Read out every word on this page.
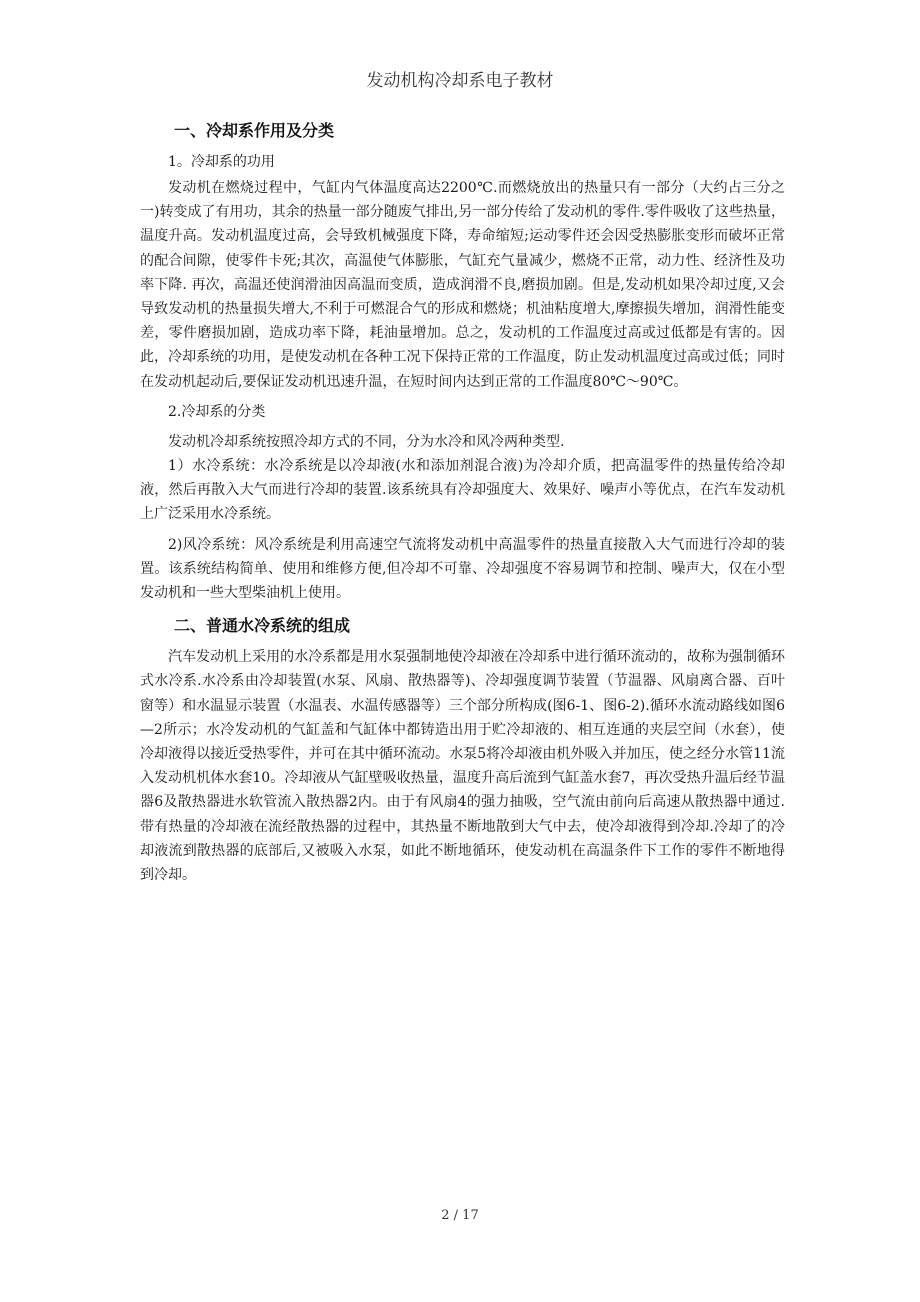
发动机构冷却系电子教材
一、冷却系作用及分类
1。冷却系的功用

发动机在燃烧过程中，气缸内气体温度高达2200℃.而燃烧放出的热量只有一部分（大约占三分之一)转变成了有用功，其余的热量一部分随废气排出,另一部分传给了发动机的零件.零件吸收了这些热量，温度升高。发动机温度过高，会导致机械强度下降，寿命缩短;运动零件还会因受热膨胀变形而破坏正常的配合间隙，使零件卡死;其次，高温使气体膨胀，气缸充气量减少，燃烧不正常，动力性、经济性及功率下降. 再次，高温还使润滑油因高温而变质，造成润滑不良,磨损加剧。但是,发动机如果冷却过度,又会导致发动机的热量损失增大,不利于可燃混合气的形成和燃烧；机油粘度增大,摩擦损失增加，润滑性能变差，零件磨损加剧，造成功率下降，耗油量增加。总之，发动机的工作温度过高或过低都是有害的。因此，冷却系统的功用，是使发动机在各种工况下保持正常的工作温度，防止发动机温度过高或过低；同时在发动机起动后,要保证发动机迅速升温，在短时间内达到正常的工作温度80℃～90℃。

2.冷却系的分类

发动机冷却系统按照冷却方式的不同，分为水冷和风冷两种类型.

1）水冷系统：水冷系统是以冷却液(水和添加剂混合液)为冷却介质，把高温零件的热量传给冷却液，然后再散入大气而进行冷却的装置.该系统具有冷却强度大、效果好、噪声小等优点，在汽车发动机上广泛采用水冷系统。

2)风冷系统：风冷系统是利用高速空气流将发动机中高温零件的热量直接散入大气而进行冷却的装置。该系统结构简单、使用和维修方便,但冷却不可靠、冷却强度不容易调节和控制、噪声大，仅在小型发动机和一些大型柴油机上使用。

二、普通水冷系统的组成

汽车发动机上采用的水冷系都是用水泵强制地使冷却液在冷却系中进行循环流动的，故称为强制循环式水冷系.水冷系由冷却装置(水泵、风扇、散热器等)、冷却强度调节装置（节温器、风扇离合器、百叶窗等）和水温显示装置（水温表、水温传感器等）三个部分所构成(图6-1、图6-2).循环水流动路线如图6—2所示；水冷发动机的气缸盖和气缸体中都铸造出用于贮冷却液的、相互连通的夹层空间（水套），使冷却液得以接近受热零件，并可在其中循环流动。水泵5将冷却液由机外吸入并加压，使之经分水管11流入发动机机体水套10。冷却液从气缸壁吸收热量，温度升高后流到气缸盖水套7，再次受热升温后经节温器6及散热器进水软管流入散热器2内。由于有风扇4的强力抽吸，空气流由前向后高速从散热器中通过.带有热量的冷却液在流经散热器的过程中，其热量不断地散到大气中去，使冷却液得到冷却.冷却了的冷却液流到散热器的底部后,又被吸入水泵，如此不断地循环，使发动机在高温条件下工作的零件不断地得到冷却。

2 / 17
